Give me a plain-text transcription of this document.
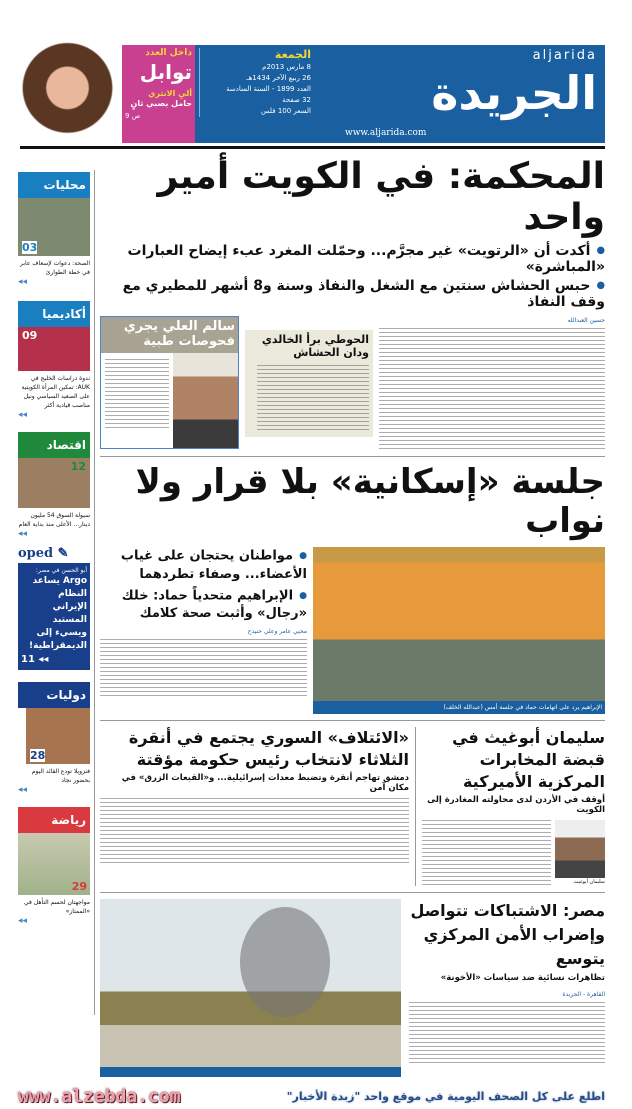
داخل العدد
توابل
أليِ الانثري حامل بصبي ثانٍ
ص 9
الجمعة
8 مارس 2013م
26 ربيع الآخر 1434هـ
العدد 1899 - السنة السادسة
32 صفحة
السعر 100 فلس
aljarida
الجريدة
www.aljarida.com
محليات
03
الصحة: دعوات لإسعاف عابر في خطة الطوارئ
◂◂
أكاديميا
09
ندوة دراسات الخليج في AUK: تمكين المرأة الكويتية على الصعيد السياسي ونيل مناصب قيادية أكثر
◂◂
اقتصاد
12
سيولة السوق 54 مليون دينار... الأعلى منذ بداية العام
◂◂
oped ✎
أبو الحسن في مصر:
Argo يساعد النظام الإيراني المستبد ويسيء إلى الديمقراطية!
◂◂ 11
دوليات
28
فنزويلا تودع القائد اليوم بحضور نجاد
◂◂
رياضة
29
مواجهتان لحسم التأهل في «الممتاز»
◂◂
المحكمة: في الكويت أمير واحد
● أكدت أن «الرتويت» غير مجرَّم... وحمّلت المغرد عبء إيضاح العبارات «المباشرة»
● حبس الحشاش سنتين مع الشغل والنفاذ وسنة و8 أشهر للمطيري مع وقف النفاذ
حسين العبدالله
الحوطي برأ الخالدي
ودان الحشاش
سالم العلي يجري
فحوصات طبية
جلسة «إسكانية» بلا قرار ولا نواب
الإبراهيم يرد على اتهامات حماد في جلسة أمس (عبدالله الخلف)
● مواطنان يحتجان على غياب الأعضاء... وصفاء تطردهما
● الإبراهيم متحدياً حماد: خلك «رجال» وأثبت صحة كلامك
محيي عامر وعلي حنيدح
سليمان أبوغيث في قبضة المخابرات المركزية الأميركية
أوقف في الأردن لدى محاولته المغادرة إلى الكويت
سليمان أبوغيث
«الائتلاف» السوري يجتمع في أنقرة الثلاثاء لانتخاب رئيس حكومة مؤقتة
دمشق تهاجم أنقرة وتضبط معدات إسرائيلية... و«القبعات الزرق» في مكان آمن
مصر: الاشتباكات تتواصل وإضراب الأمن المركزي يتوسع
تظاهرات نسائية ضد سياسات «الأخونة»
القاهرة - الجريدة
www.alzebda.com	اطلع على كل الصحف اليومية في موقع واحد "زبدة الأخبار"
